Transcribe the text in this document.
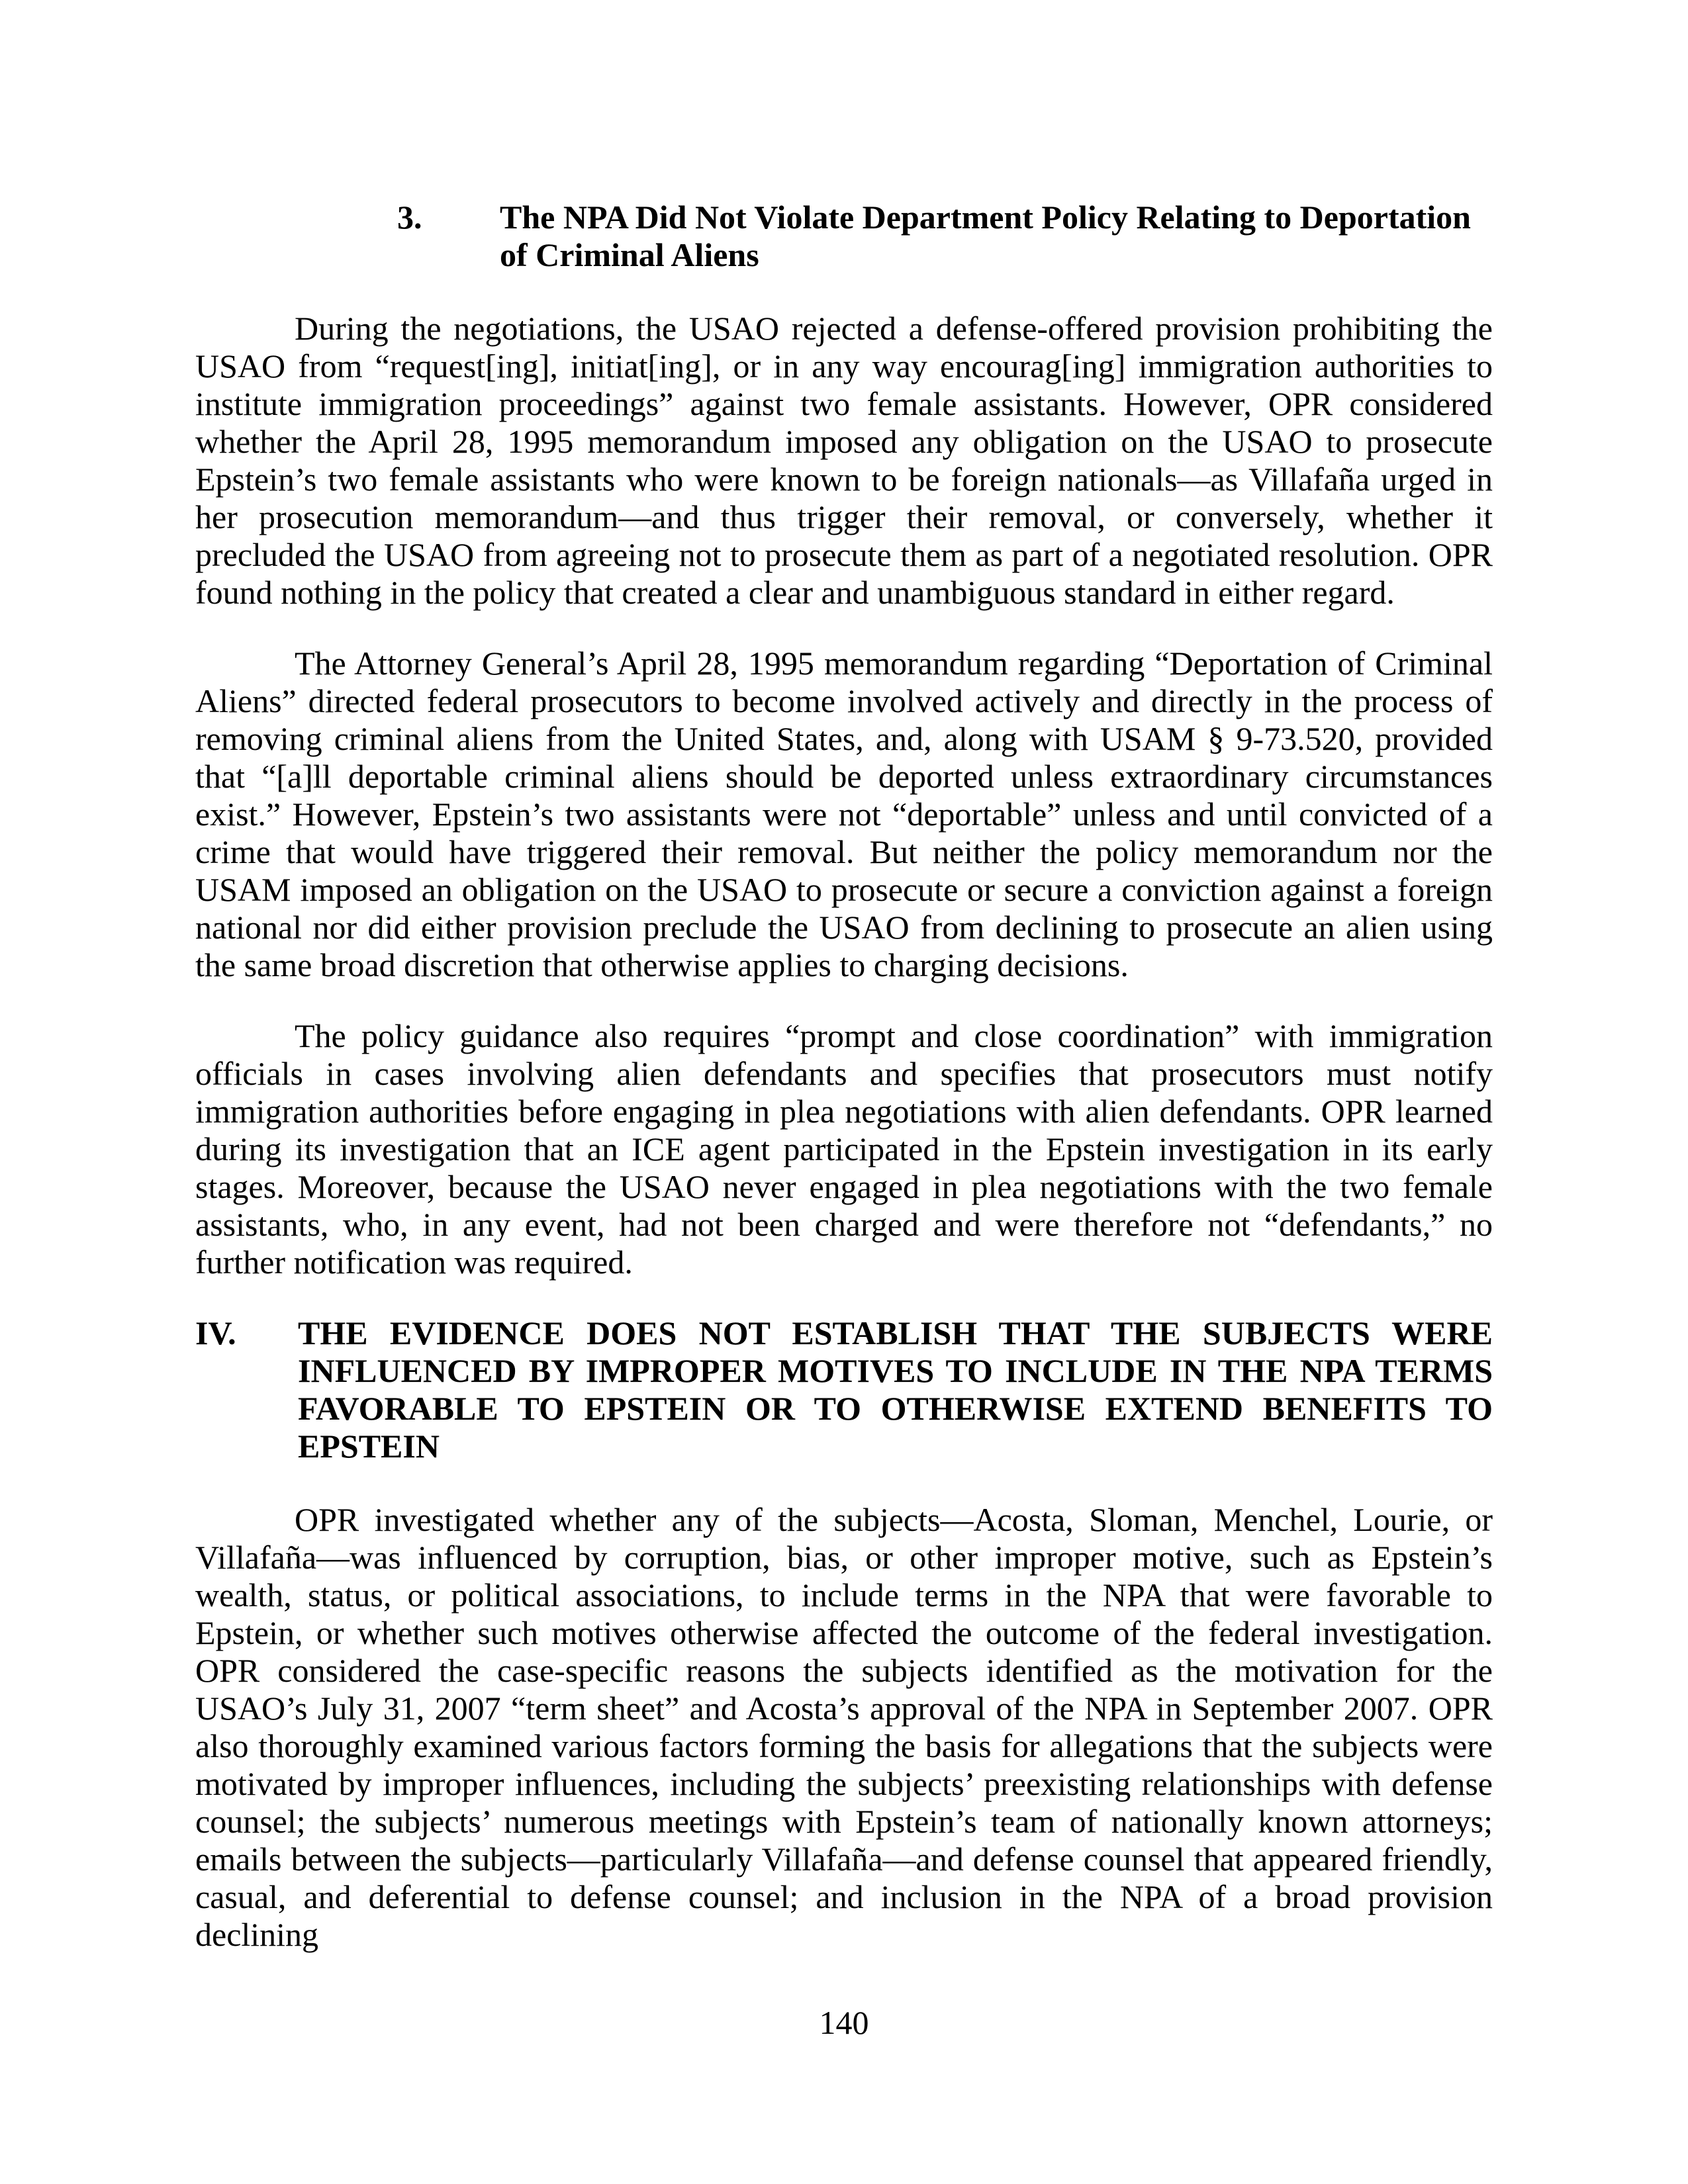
3.	The NPA Did Not Violate Department Policy Relating to Deportation of Criminal Aliens

During the negotiations, the USAO rejected a defense-offered provision prohibiting the USAO from “request[ing], initiat[ing], or in any way encourag[ing] immigration authorities to institute immigration proceedings” against two female assistants. However, OPR considered whether the April 28, 1995 memorandum imposed any obligation on the USAO to prosecute Epstein’s two female assistants who were known to be foreign nationals—as Villafaña urged in her prosecution memorandum—and thus trigger their removal, or conversely, whether it precluded the USAO from agreeing not to prosecute them as part of a negotiated resolution. OPR found nothing in the policy that created a clear and unambiguous standard in either regard.

The Attorney General’s April 28, 1995 memorandum regarding “Deportation of Criminal Aliens” directed federal prosecutors to become involved actively and directly in the process of removing criminal aliens from the United States, and, along with USAM § 9-73.520, provided that “[a]ll deportable criminal aliens should be deported unless extraordinary circumstances exist.” However, Epstein’s two assistants were not “deportable” unless and until convicted of a crime that would have triggered their removal. But neither the policy memorandum nor the USAM imposed an obligation on the USAO to prosecute or secure a conviction against a foreign national nor did either provision preclude the USAO from declining to prosecute an alien using the same broad discretion that otherwise applies to charging decisions.

The policy guidance also requires “prompt and close coordination” with immigration officials in cases involving alien defendants and specifies that prosecutors must notify immigration authorities before engaging in plea negotiations with alien defendants. OPR learned during its investigation that an ICE agent participated in the Epstein investigation in its early stages. Moreover, because the USAO never engaged in plea negotiations with the two female assistants, who, in any event, had not been charged and were therefore not “defendants,” no further notification was required.

IV.	THE EVIDENCE DOES NOT ESTABLISH THAT THE SUBJECTS WERE INFLUENCED BY IMPROPER MOTIVES TO INCLUDE IN THE NPA TERMS FAVORABLE TO EPSTEIN OR TO OTHERWISE EXTEND BENEFITS TO EPSTEIN

OPR investigated whether any of the subjects—Acosta, Sloman, Menchel, Lourie, or Villafaña—was influenced by corruption, bias, or other improper motive, such as Epstein’s wealth, status, or political associations, to include terms in the NPA that were favorable to Epstein, or whether such motives otherwise affected the outcome of the federal investigation. OPR considered the case-specific reasons the subjects identified as the motivation for the USAO’s July 31, 2007 “term sheet” and Acosta’s approval of the NPA in September 2007. OPR also thoroughly examined various factors forming the basis for allegations that the subjects were motivated by improper influences, including the subjects’ preexisting relationships with defense counsel; the subjects’ numerous meetings with Epstein’s team of nationally known attorneys; emails between the subjects—particularly Villafaña—and defense counsel that appeared friendly, casual, and deferential to defense counsel; and inclusion in the NPA of a broad provision declining

140
